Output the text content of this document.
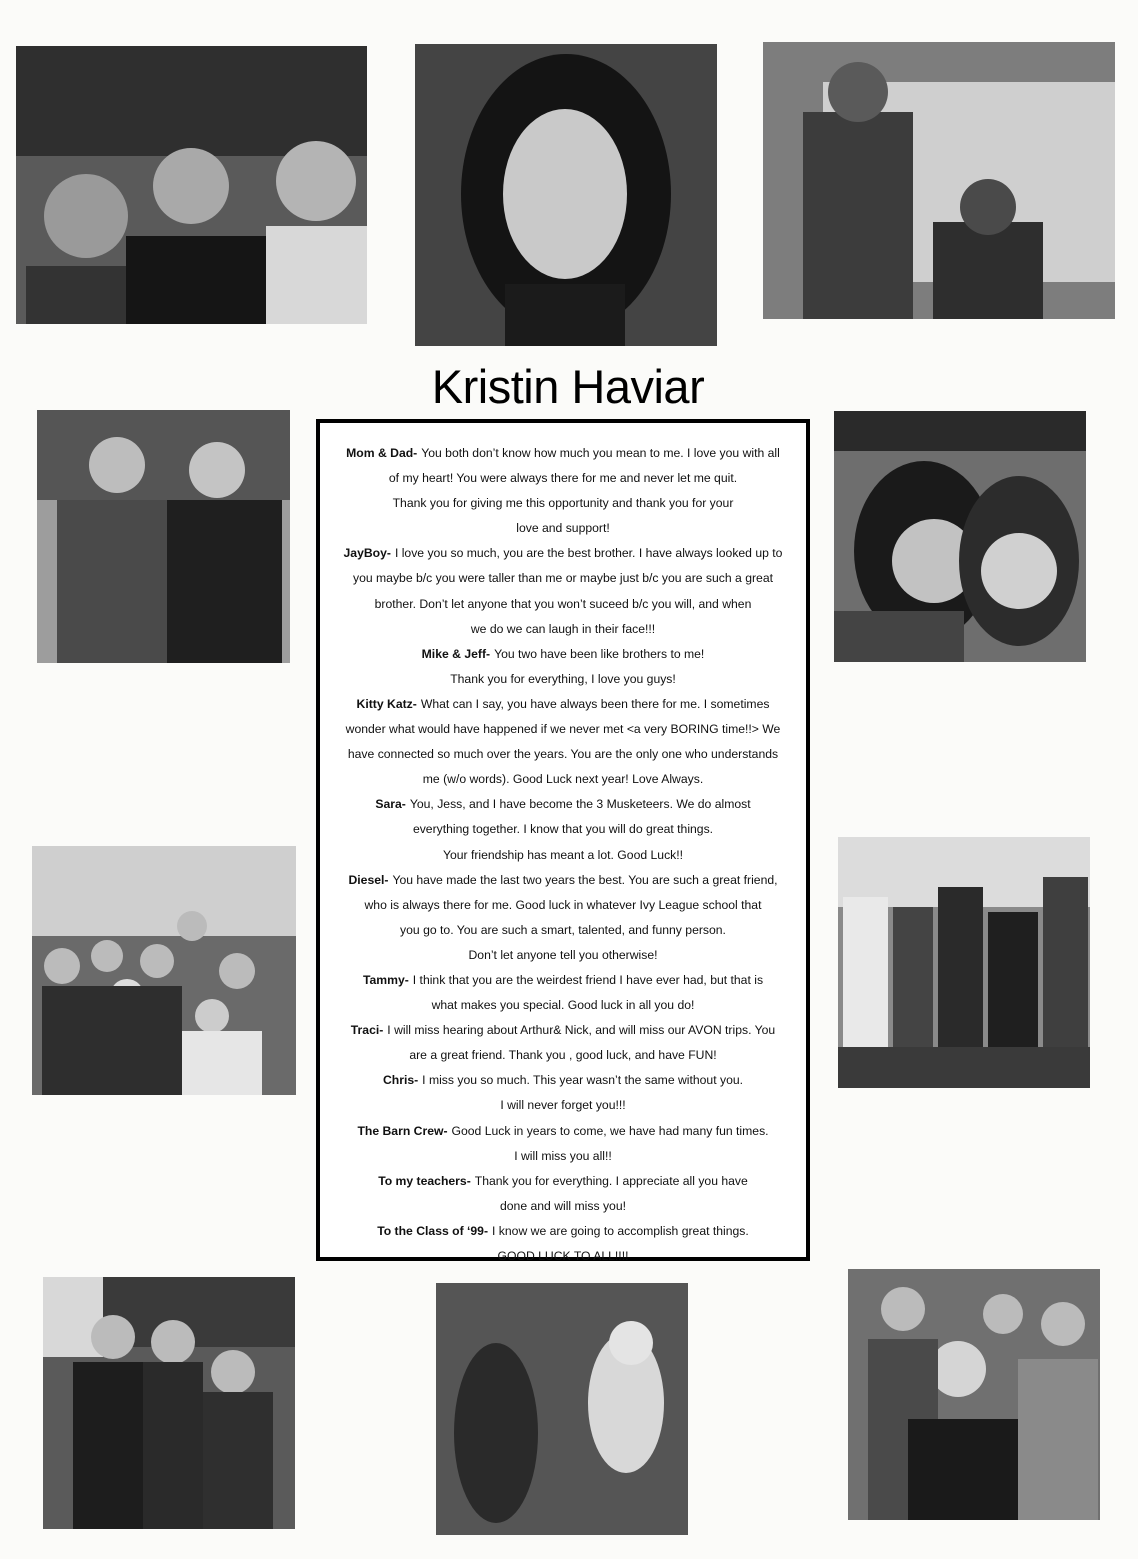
Kristin Haviar
Mom & Dad- You both don’t know how much you mean to me. I love you with all
of my heart! You were always there for me and never let me quit.
Thank you for giving me this opportunity and thank you for your
love and support!
JayBoy- I love you so much, you are the best brother. I have always looked up to
you maybe b/c you were taller than me or maybe just b/c you are such a great
brother. Don’t let anyone that you won’t suceed b/c you will, and when
we do we can laugh in their face!!!
Mike & Jeff- You two have been like brothers to me!
Thank you for everything, I love you guys!
Kitty Katz- What can I say, you have always been there for me. I sometimes
wonder what would have happened if we never met <a very BORING time!!> We
have connected so much over the years. You are the only one who understands
me (w/o words). Good Luck next year! Love Always.
Sara- You, Jess, and I have become the 3 Musketeers. We do almost
everything together. I know that you will do great things.
Your friendship has meant a lot. Good Luck!!
Diesel- You have made the last two years the best. You are such a great friend,
who is always there for me. Good luck in whatever Ivy League school that
you go to. You are such a smart, talented, and funny person.
Don’t let anyone tell you otherwise!
Tammy- I think that you are the weirdest friend I have ever had, but that is
what makes you special. Good luck in all you do!
Traci- I will miss hearing about Arthur& Nick, and will miss our AVON trips. You
are a great friend. Thank you , good luck, and have FUN!
Chris- I miss you so much. This year wasn’t the same without you.
I will never forget you!!!
The Barn Crew- Good Luck in years to come, we have had many fun times.
I will miss you all!!
To my teachers- Thank you for everything. I appreciate all you have
done and will miss you!
To the Class of ‘99- I know we are going to accomplish great things.
GOOD LUCK TO ALL!!!!
